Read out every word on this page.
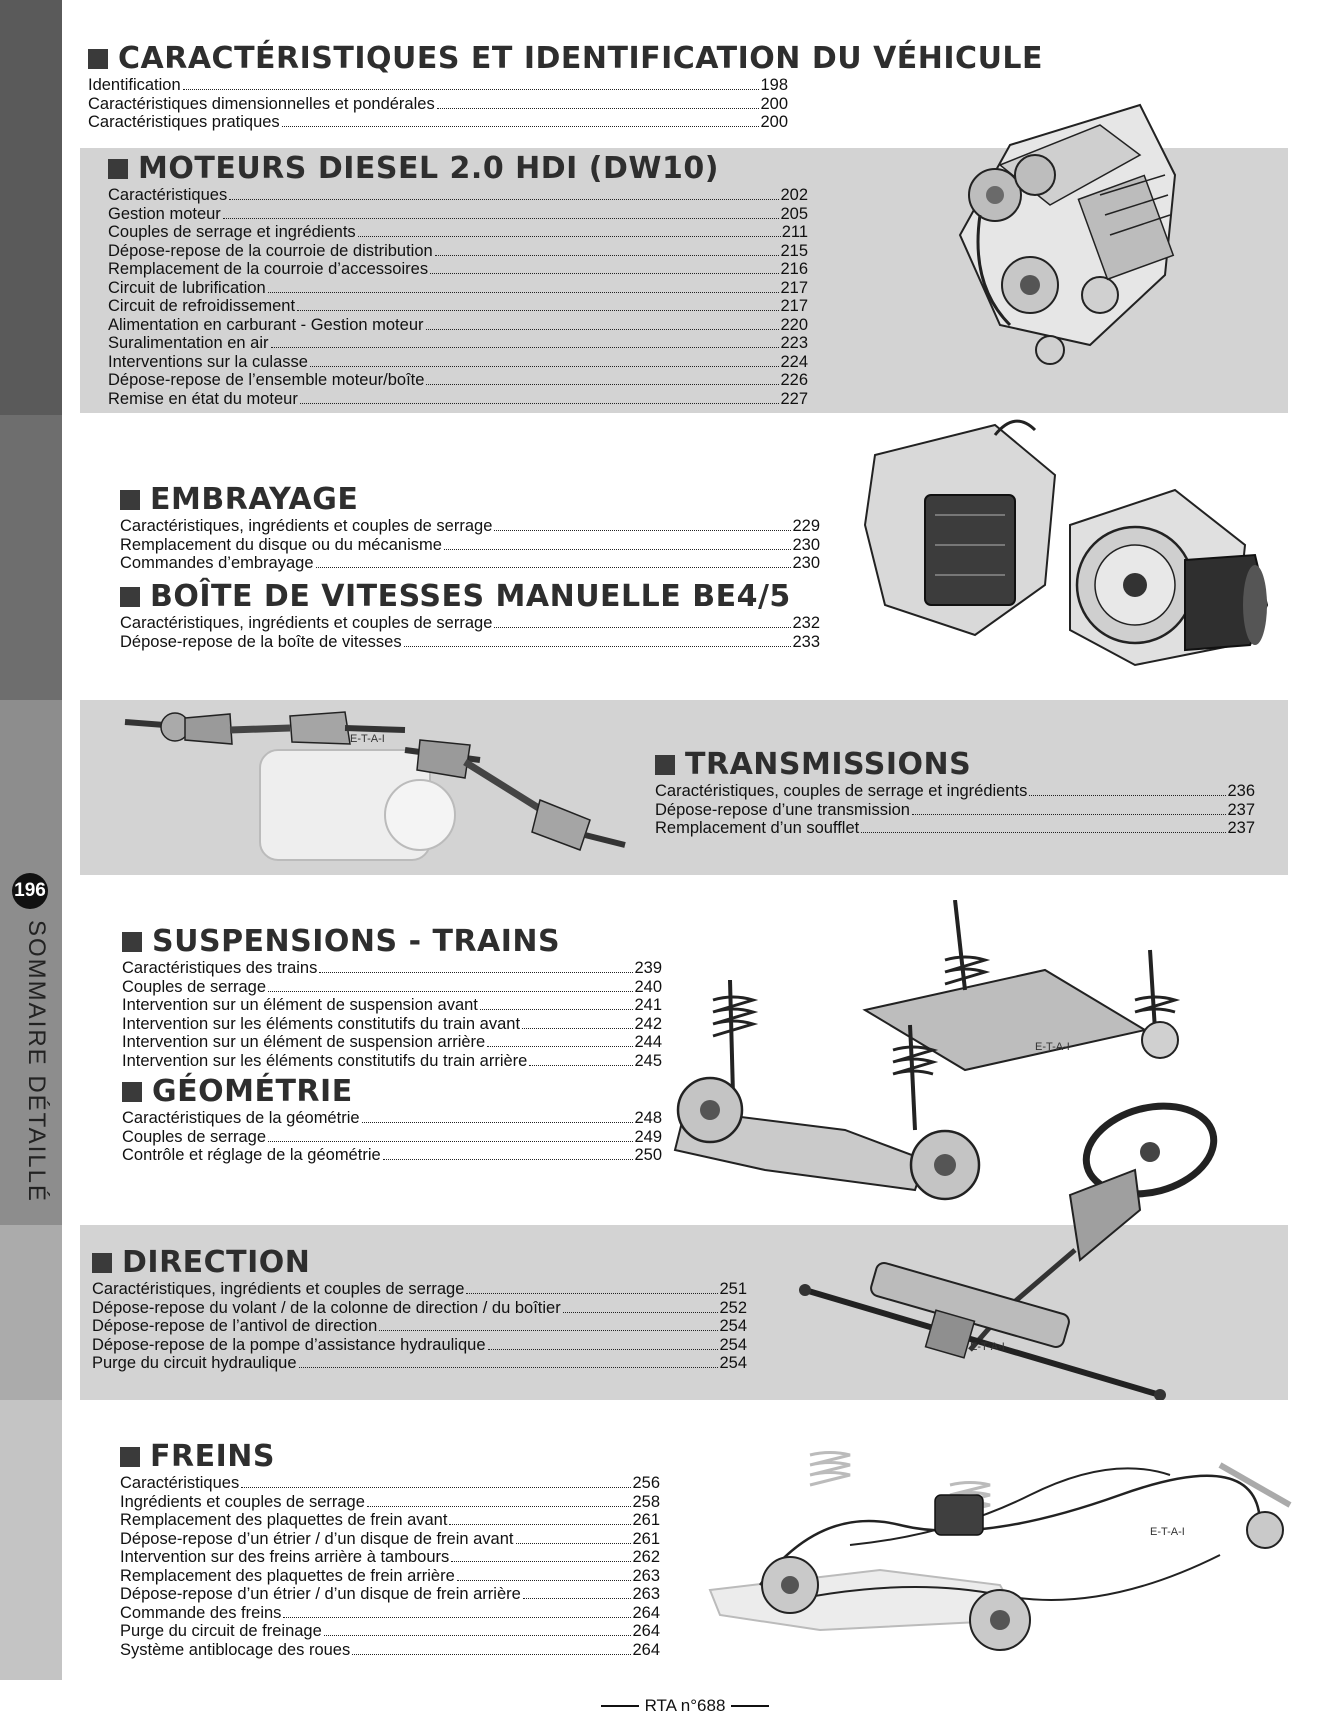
196
SOMMAIRE DÉTAILLÉ
CARACTÉRISTIQUES ET IDENTIFICATION DU VÉHICULE
Identification	198
Caractéristiques dimensionnelles et pondérales	200
Caractéristiques pratiques	200
MOTEURS DIESEL 2.0 HDI (DW10)
Caractéristiques	202
Gestion moteur	205
Couples de serrage et ingrédients	211
Dépose-repose de la courroie de distribution	215
Remplacement de la courroie d’accessoires	216
Circuit de lubrification	217
Circuit de refroidissement	217
Alimentation en carburant - Gestion moteur	220
Suralimentation en air	223
Interventions sur la culasse	224
Dépose-repose de l’ensemble moteur/boîte	226
Remise en état du moteur	227
EMBRAYAGE
Caractéristiques, ingrédients et couples de serrage	229
Remplacement du disque ou du mécanisme	230
Commandes d’embrayage	230
BOÎTE DE VITESSES MANUELLE BE4/5
Caractéristiques, ingrédients et couples de serrage	232
Dépose-repose de la boîte de vitesses	233
TRANSMISSIONS
Caractéristiques, couples de serrage et ingrédients	236
Dépose-repose d’une transmission	237
Remplacement d’un soufflet	237
SUSPENSIONS - TRAINS
Caractéristiques des trains	239
Couples de serrage	240
Intervention sur un élément de suspension avant	241
Intervention sur les éléments constitutifs du train avant	242
Intervention sur un élément de suspension arrière	244
Intervention sur les éléments constitutifs du train arrière	245
GÉOMÉTRIE
Caractéristiques de la géométrie	248
Couples de serrage	249
Contrôle et réglage de la géométrie	250
DIRECTION
Caractéristiques, ingrédients et couples de serrage	251
Dépose-repose du volant / de la colonne de direction / du boîtier	252
Dépose-repose de l’antivol de direction	254
Dépose-repose de la pompe d’assistance hydraulique	254
Purge du circuit hydraulique	254
FREINS
Caractéristiques	256
Ingrédients et couples de serrage	258
Remplacement des plaquettes de frein avant	261
Dépose-repose d’un étrier / d’un disque de frein avant	261
Intervention sur des freins arrière à tambours	262
Remplacement des plaquettes de frein arrière	263
Dépose-repose d’un étrier / d’un disque de frein arrière	263
Commande des freins	264
Purge du circuit de freinage	264
Système antiblocage des roues	264
E-T-A-I
E-T-A-I
E-T-A-I
E-T-A-I
RTA n°688
